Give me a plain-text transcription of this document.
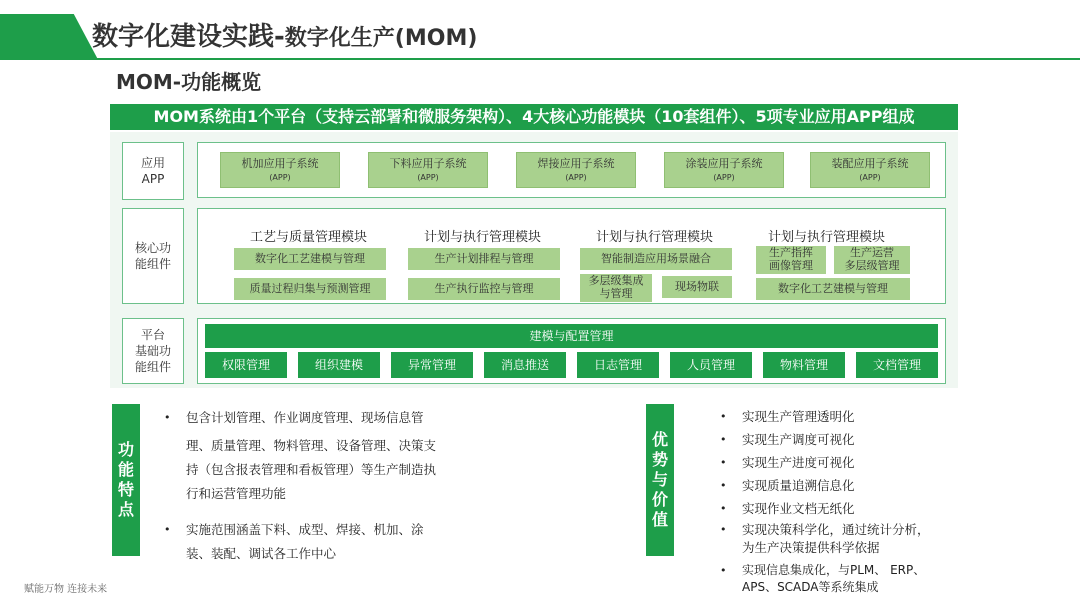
数字化建设实践-数字化生产(MOM)
MOM-功能概览
MOM系统由1个平台（支持云部署和微服务架构）、4大核心功能模块（10套组件）、5项专业应用APP组成
应用
APP
核心功
能组件
平台
基础功
能组件
机加应用子系统
(APP)
下料应用子系统
(APP)
焊接应用子系统
(APP)
涂装应用子系统
(APP)
装配应用子系统
(APP)
工艺与质量管理模块	计划与执行管理模块	计划与执行管理模块	计划与执行管理模块
数字化工艺建模与管理
质量过程归集与预测管理
生产计划排程与管理
生产执行监控与管理
智能制造应用场景融合
多层级集成
与管理
现场物联
生产指挥
画像管理
生产运营
多层级管理
数字化工艺建模与管理
建模与配置管理
权限管理	组织建模	异常管理	消息推送	日志管理	人员管理	物料管理	文档管理
功
能
特
点
• 包含计划管理、作业调度管理、现场信息管
理、质量管理、物料管理、设备管理、决策支
持（包含报表管理和看板管理）等生产制造执
行和运营管理功能
• 实施范围涵盖下料、成型、焊接、机加、涂
装、装配、调试各工作中心
优
势
与
价
值
• 实现生产管理透明化
• 实现生产调度可视化
• 实现生产进度可视化
• 实现质量追溯信息化
• 实现作业文档无纸化
• 实现决策科学化，通过统计分析，
为生产决策提供科学依据
• 实现信息集成化，与PLM、 ERP、
APS、SCADA等系统集成
赋能万物 连接未来
